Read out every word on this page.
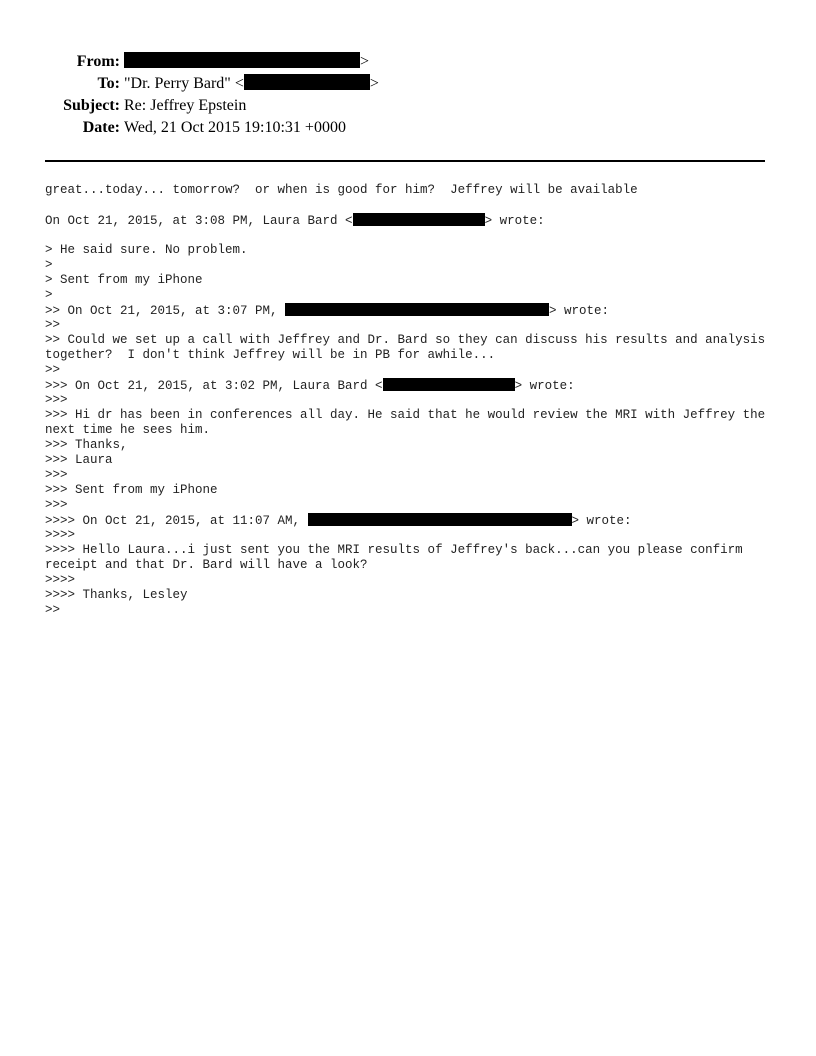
From:	>
To: "Dr. Perry Bard" <	>
Subject: Re: Jeffrey Epstein
Date: Wed, 21 Oct 2015 19:10:31 +0000
great...today... tomorrow?  or when is good for him?  Jeffrey will be available
On Oct 21, 2015, at 3:08 PM, Laura Bard <	> wrote:
> He said sure. No problem.
>
> Sent from my iPhone
>
>> On Oct 21, 2015, at 3:07 PM,	> wrote:
>>
>> Could we set up a call with Jeffrey and Dr. Bard so they can discuss his results and analysis together?  I don't think Jeffrey will be in PB for awhile...
>>
>>> On Oct 21, 2015, at 3:02 PM, Laura Bard <	> wrote:
>>>
>>> Hi dr has been in conferences all day. He said that he would review the MRI with Jeffrey the next time he sees him.
>>> Thanks,
>>> Laura
>>>
>>> Sent from my iPhone
>>>
>>>> On Oct 21, 2015, at 11:07 AM,	> wrote:
>>>>
>>>> Hello Laura...i just sent you the MRI results of Jeffrey's back...can you please confirm receipt and that Dr. Bard will have a look?
>>>>
>>>> Thanks, Lesley
>>
